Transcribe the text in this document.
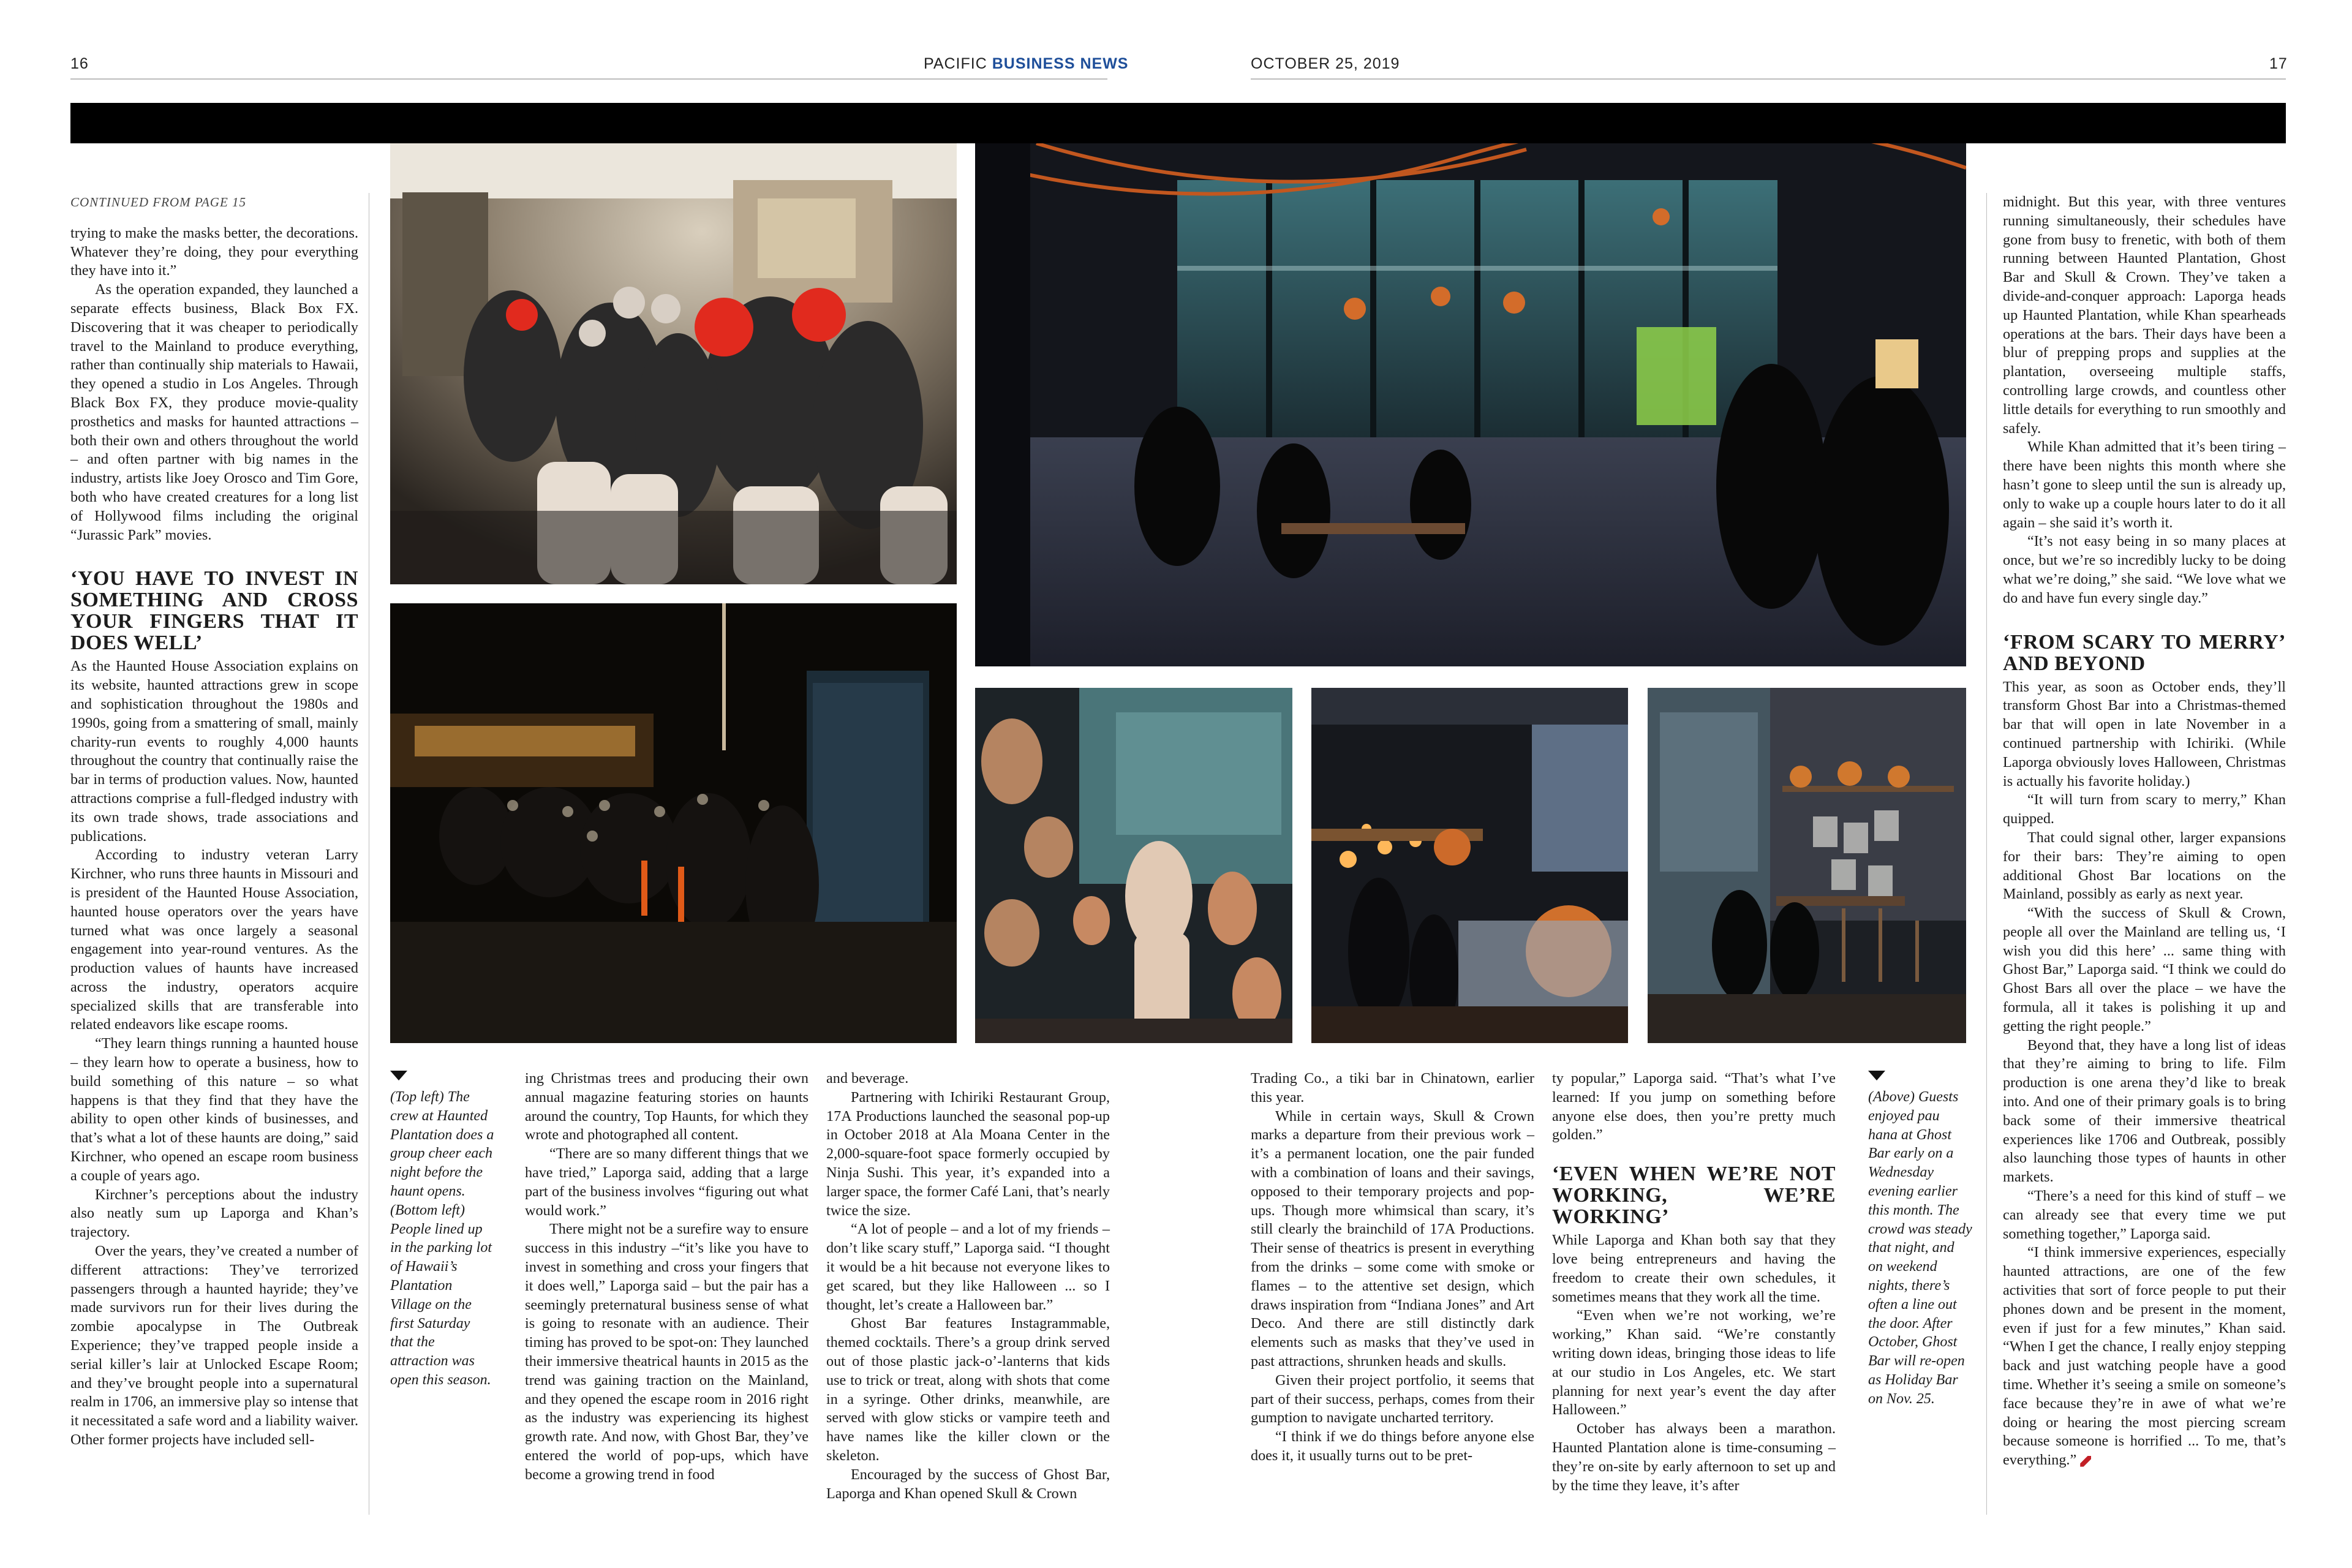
16	PACIFIC BUSINESS NEWS	OCTOBER 25, 2019	17
CONTINUED FROM PAGE 15

trying to make the masks better, the decorations. Whatever they’re doing, they pour everything they have into it.”

As the operation expanded, they launched a separate effects business, Black Box FX. Discovering that it was cheaper to periodically travel to the Mainland to produce everything, rather than continually ship materials to Hawaii, they opened a studio in Los Angeles. Through Black Box FX, they produce movie-quality prosthetics and masks for haunted attractions – both their own and others throughout the world – and often partner with big names in the industry, artists like Joey Orosco and Tim Gore, both who have created creatures for a long list of Hollywood films including the original “Jurassic Park” movies.

‘YOU HAVE TO INVEST IN SOMETHING AND CROSS YOUR FINGERS THAT IT DOES WELL’

As the Haunted House Association explains on its website, haunted attractions grew in scope and sophistication throughout the 1980s and 1990s, going from a smattering of small, mainly charity-run events to roughly 4,000 haunts throughout the country that continually raise the bar in terms of production values. Now, haunted attractions comprise a full-fledged industry with its own trade shows, trade associations and publications.

According to industry veteran Larry Kirchner, who runs three haunts in Missouri and is president of the Haunted House Association, haunted house operators over the years have turned what was once largely a seasonal engagement into year-round ventures. As the production values of haunts have increased across the industry, operators acquire specialized skills that are transferable into related endeavors like escape rooms.

“They learn things running a haunted house – they learn how to operate a business, how to build something of this nature – so what happens is that they find that they have the ability to open other kinds of businesses, and that’s what a lot of these haunts are doing,” said Kirchner, who opened an escape room business a couple of years ago.

Kirchner’s perceptions about the industry also neatly sum up Laporga and Khan’s trajectory.

Over the years, they’ve created a number of different attractions: They’ve terrorized passengers through a haunted hayride; they’ve made survivors run for their lives during the zombie apocalypse in The Outbreak Experience; they’ve trapped people inside a serial killer’s lair at Unlocked Escape Room; and they’ve brought people into a supernatural realm in 1706, an immersive play so intense that it necessitated a safe word and a liability waiver. Other former projects have included sell-

(Top left) The crew at Haunted Plantation does a group cheer each night before the haunt opens. (Bottom left) People lined up in the parking lot of Hawaii’s Plantation Village on the first Saturday that the attraction was open this season.

ing Christmas trees and producing their own annual magazine featuring stories on haunts around the country, Top Haunts, for which they wrote and photographed all content.

“There are so many different things that we have tried,” Laporga said, adding that a large part of the business involves “figuring out what would work.”

There might not be a surefire way to ensure success in this industry –“it’s like you have to invest in something and cross your fingers that it does well,” Laporga said – but the pair has a seemingly preternatural business sense of what is going to resonate with an audience. Their timing has proved to be spot-on: They launched their immersive theatrical haunts in 2015 as the trend was gaining traction on the Mainland, and they opened the escape room in 2016 right as the industry was experiencing its highest growth rate. And now, with Ghost Bar, they’ve entered the world of pop-ups, which have become a growing trend in food

and beverage.

Partnering with Ichiriki Restaurant Group, 17A Productions launched the seasonal pop-up in October 2018 at Ala Moana Center in the 2,000-square-foot space formerly occupied by Ninja Sushi. This year, it’s expanded into a larger space, the former Café Lani, that’s nearly twice the size.

“A lot of people – and a lot of my friends – don’t like scary stuff,” Laporga said. “I thought it would be a hit because not everyone likes to get scared, but they like Halloween ... so I thought, let’s create a Halloween bar.”

Ghost Bar features Instagrammable, themed cocktails. There’s a group drink served out of those plastic jack-o’-lanterns that kids use to trick or treat, along with shots that come in a syringe. Other drinks, meanwhile, are served with glow sticks or vampire teeth and have names like the killer clown or the skeleton.

Encouraged by the success of Ghost Bar, Laporga and Khan opened Skull & Crown

Trading Co., a tiki bar in Chinatown, earlier this year.

While in certain ways, Skull & Crown marks a departure from their previous work – it’s a permanent location, one the pair funded with a combination of loans and their savings, opposed to their temporary projects and pop-ups. Though more whimsical than scary, it’s still clearly the brainchild of 17A Productions. Their sense of theatrics is present in everything from the drinks – some come with smoke or flames – to the attentive set design, which draws inspiration from “Indiana Jones” and Art Deco. And there are still distinctly dark elements such as masks that they’ve used in past attractions, shrunken heads and skulls.

Given their project portfolio, it seems that part of their success, perhaps, comes from their gumption to navigate uncharted territory.

“I think if we do things before anyone else does it, it usually turns out to be pret-

ty popular,” Laporga said. “That’s what I’ve learned: If you jump on something before anyone else does, then you’re pretty much golden.”

‘EVEN WHEN WE’RE NOT WORKING, WE’RE WORKING’

While Laporga and Khan both say that they love being entrepreneurs and having the freedom to create their own schedules, it sometimes means that they work all the time.

“Even when we’re not working, we’re working,” Khan said. “We’re constantly writing down ideas, bringing those ideas to life at our studio in Los Angeles, etc. We start planning for next year’s event the day after Halloween.”

October has always been a marathon. Haunted Plantation alone is time-consuming – they’re on-site by early afternoon to set up and by the time they leave, it’s after

(Above) Guests enjoyed pau hana at Ghost Bar early on a Wednesday evening earlier this month. The crowd was steady that night, and on weekend nights, there’s often a line out the door. After October, Ghost Bar will re-open as Holiday Bar on Nov. 25.

midnight. But this year, with three ventures running simultaneously, their schedules have gone from busy to frenetic, with both of them running between Haunted Plantation, Ghost Bar and Skull & Crown. They’ve taken a divide-and-conquer approach: Laporga heads up Haunted Plantation, while Khan spearheads operations at the bars. Their days have been a blur of prepping props and supplies at the plantation, overseeing multiple staffs, controlling large crowds, and countless other little details for everything to run smoothly and safely.

While Khan admitted that it’s been tiring – there have been nights this month where she hasn’t gone to sleep until the sun is already up, only to wake up a couple hours later to do it all again – she said it’s worth it.

“It’s not easy being in so many places at once, but we’re so incredibly lucky to be doing what we’re doing,” she said. “We love what we do and have fun every single day.”

‘FROM SCARY TO MERRY’ AND BEYOND

This year, as soon as October ends, they’ll transform Ghost Bar into a Christmas-themed bar that will open in late November in a continued partnership with Ichiriki. (While Laporga obviously loves Halloween, Christmas is actually his favorite holiday.)

“It will turn from scary to merry,” Khan quipped.

That could signal other, larger expansions for their bars: They’re aiming to open additional Ghost Bar locations on the Mainland, possibly as early as next year.

“With the success of Skull & Crown, people all over the Mainland are telling us, ‘I wish you did this here’ ... same thing with Ghost Bar,” Laporga said. “I think we could do Ghost Bars all over the place – we have the formula, all it takes is polishing it up and getting the right people.”

Beyond that, they have a long list of ideas that they’re aiming to bring to life. Film production is one arena they’d like to break into. And one of their primary goals is to bring back some of their immersive theatrical experiences like 1706 and Outbreak, possibly also launching those types of haunts in other markets.

“There’s a need for this kind of stuff – we can already see that every time we put something together,” Laporga said.

“I think immersive experiences, especially haunted attractions, are one of the few activities that sort of force people to put their phones down and be present in the moment, even if just for a few minutes,” Khan said. “When I get the chance, I really enjoy stepping back and just watching people have a good time. Whether it’s seeing a smile on someone’s face because they’re in awe of what we’re doing or hearing the most piercing scream because someone is horrified ... To me, that’s everything.”
